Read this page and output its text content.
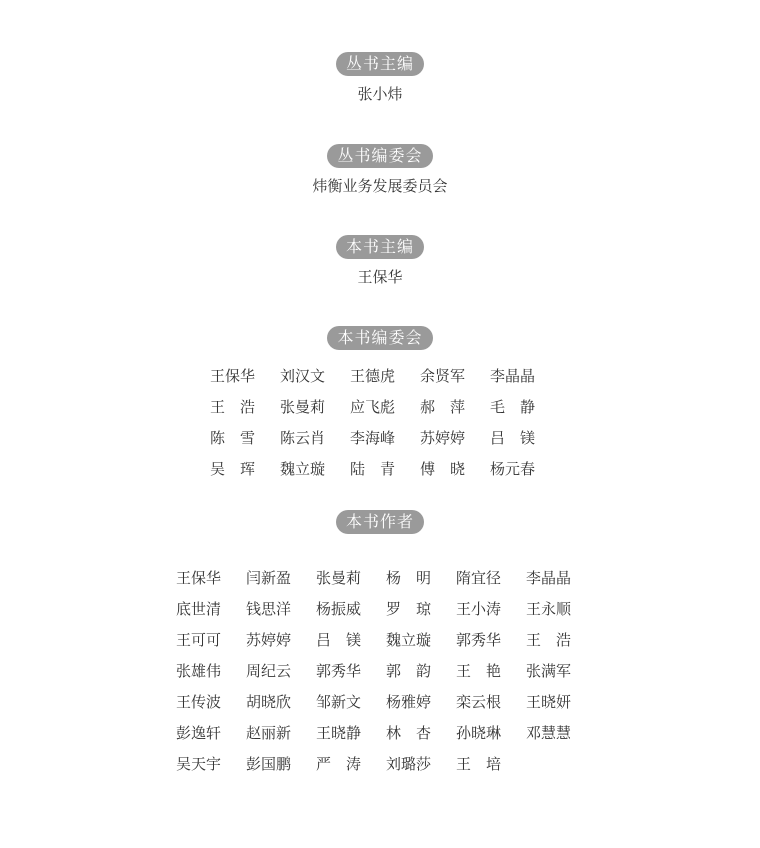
丛书主编
张小炜
丛书编委会
炜衡业务发展委员会
本书主编
王保华
本书编委会
王保华	刘汉文	王德虎	余贤军	李晶晶
王　浩	张曼莉	应飞彪	郝　萍	毛　静
陈　雪	陈云肖	李海峰	苏婷婷	吕　镁
吴　珲	魏立璇	陆　青	傅　晓	杨元春
本书作者
王保华	闫新盈	张曼莉	杨　明	隋宜径	李晶晶
底世清	钱思洋	杨振威	罗　琼	王小涛	王永顺
王可可	苏婷婷	吕　镁	魏立璇	郭秀华	王　浩
张雄伟	周纪云	郭秀华	郭　韵	王　艳	张满军
王传波	胡晓欣	邹新文	杨雅婷	栾云根	王晓妍
彭逸轩	赵丽新	王晓静	林　杏	孙晓琳	邓慧慧
吴天宇	彭国鹏	严　涛	刘璐莎	王　培
